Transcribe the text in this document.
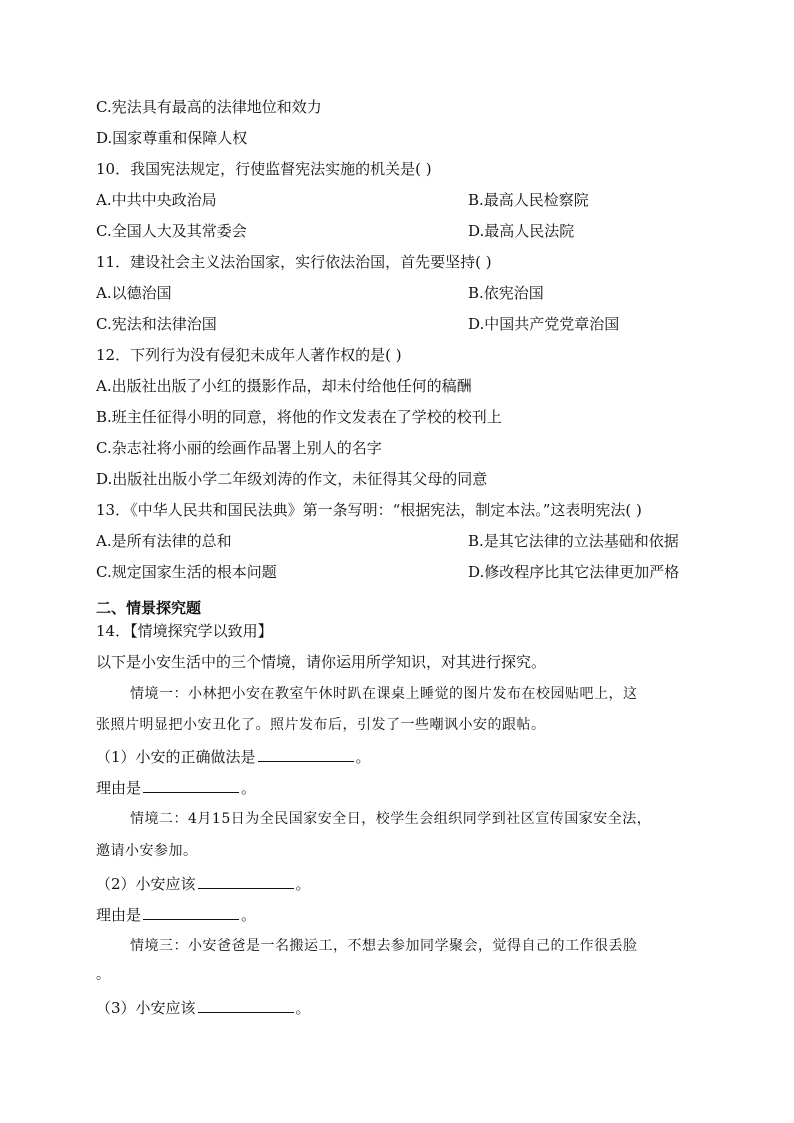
C.宪法具有最高的法律地位和效力
D.国家尊重和保障人权
10．我国宪法规定，行使监督宪法实施的机关是( )
A.中共中央政治局	B.最高人民检察院
C.全国人大及其常委会	D.最高人民法院
11．建设社会主义法治国家，实行依法治国，首先要坚持( )
A.以德治国	B.依宪治国
C.宪法和法律治国	D.中国共产党党章治国
12．下列行为没有侵犯未成年人著作权的是( )
A.出版社出版了小红的摄影作品，却未付给他任何的稿酬
B.班主任征得小明的同意，将他的作文发表在了学校的校刊上
C.杂志社将小丽的绘画作品署上别人的名字
D.出版社出版小学二年级刘涛的作文，未征得其父母的同意
13．《中华人民共和国民法典》第一条写明：“根据宪法，制定本法。”这表明宪法( )
A.是所有法律的总和	B.是其它法律的立法基础和依据
C.规定国家生活的根本问题	D.修改程序比其它法律更加严格
二、情景探究题
14．【情境探究学以致用】
以下是小安生活中的三个情境，请你运用所学知识，对其进行探究。
情境一：小林把小安在教室午休时趴在课桌上睡觉的图片发布在校园贴吧上，这
张照片明显把小安丑化了。照片发布后，引发了一些嘲讽小安的跟帖。
（1）小安的正确做法是	。
理由是	。
情境二：4月15日为全民国家安全日，校学生会组织同学到社区宣传国家安全法，
邀请小安参加。
（2）小安应该	。
理由是	。
情境三：小安爸爸是一名搬运工，不想去参加同学聚会，觉得自己的工作很丢脸
。
（3）小安应该	。
